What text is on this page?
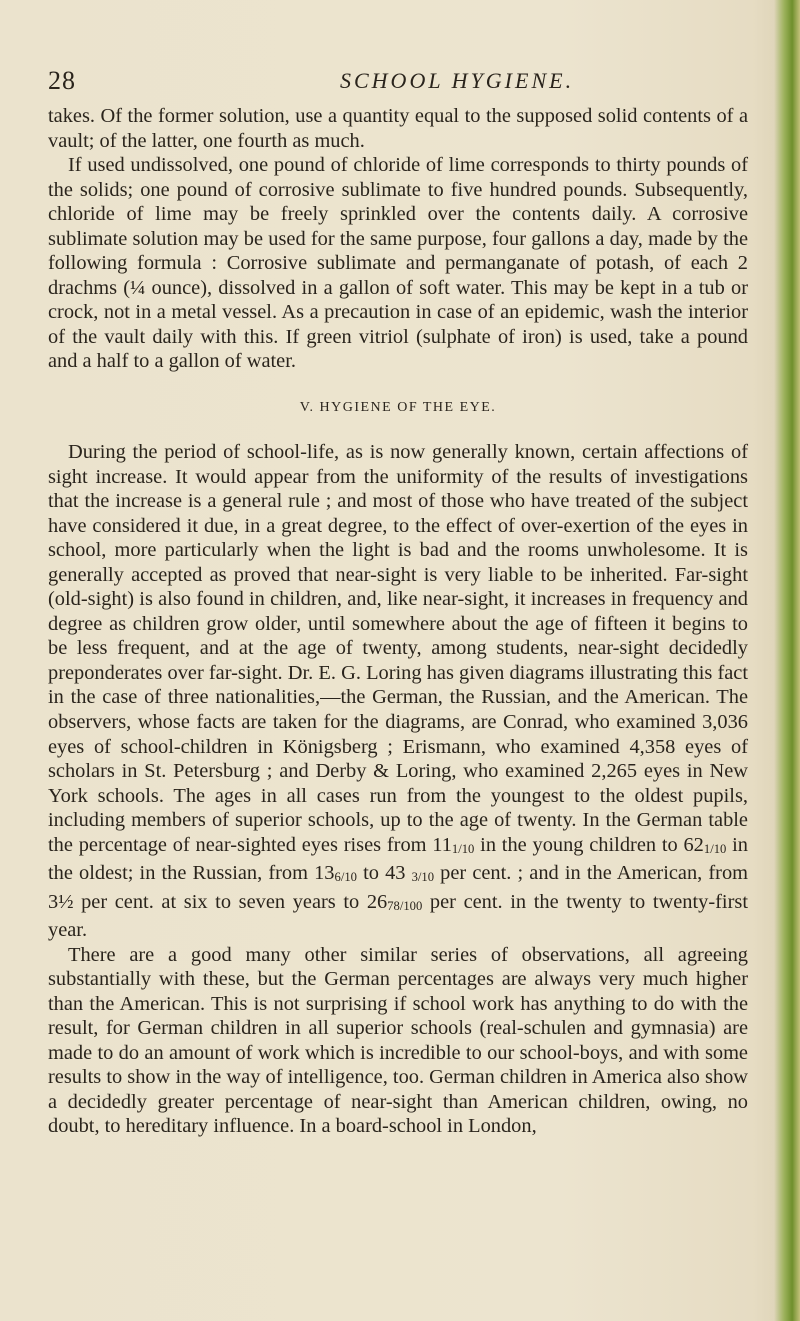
28	SCHOOL HYGIENE.

takes. Of the former solution, use a quantity equal to the supposed solid contents of a vault; of the latter, one fourth as much.

If used undissolved, one pound of chloride of lime corresponds to thirty pounds of the solids; one pound of corrosive sublimate to five hundred pounds. Subsequently, chloride of lime may be freely sprinkled over the contents daily. A corrosive sublimate solution may be used for the same purpose, four gallons a day, made by the following formula : Corrosive sublimate and permanganate of potash, of each 2 drachms (¼ ounce), dissolved in a gallon of soft water. This may be kept in a tub or crock, not in a metal vessel. As a precaution in case of an epidemic, wash the interior of the vault daily with this. If green vitriol (sulphate of iron) is used, take a pound and a half to a gallon of water.

V. HYGIENE OF THE EYE.

During the period of school-life, as is now generally known, certain affections of sight increase. It would appear from the uniformity of the results of investigations that the increase is a general rule ; and most of those who have treated of the subject have considered it due, in a great degree, to the effect of over-exertion of the eyes in school, more particularly when the light is bad and the rooms unwholesome. It is generally accepted as proved that near-sight is very liable to be inherited. Far-sight (old-sight) is also found in children, and, like near-sight, it increases in frequency and degree as children grow older, until somewhere about the age of fifteen it begins to be less frequent, and at the age of twenty, among students, near-sight decidedly preponderates over far-sight. Dr. E. G. Loring has given diagrams illustrating this fact in the case of three nationalities,—the German, the Russian, and the American. The observers, whose facts are taken for the diagrams, are Conrad, who examined 3,036 eyes of school-children in Königsberg ; Erismann, who examined 4,358 eyes of scholars in St. Petersburg ; and Derby & Loring, who examined 2,265 eyes in New York schools. The ages in all cases run from the youngest to the oldest pupils, including members of superior schools, up to the age of twenty. In the German table the percentage of near-sighted eyes rises from 111/10 in the young children to 621/10 in the oldest; in the Russian, from 136/10 to 43 3/10 per cent. ; and in the American, from 3½ per cent. at six to seven years to 2678/100 per cent. in the twenty to twenty-first year.

There are a good many other similar series of observations, all agreeing substantially with these, but the German percentages are always very much higher than the American. This is not surprising if school work has anything to do with the result, for German children in all superior schools (real-schulen and gymnasia) are made to do an amount of work which is incredible to our school-boys, and with some results to show in the way of intelligence, too. German children in America also show a decidedly greater percentage of near-sight than American children, owing, no doubt, to hereditary influence. In a board-school in London,
